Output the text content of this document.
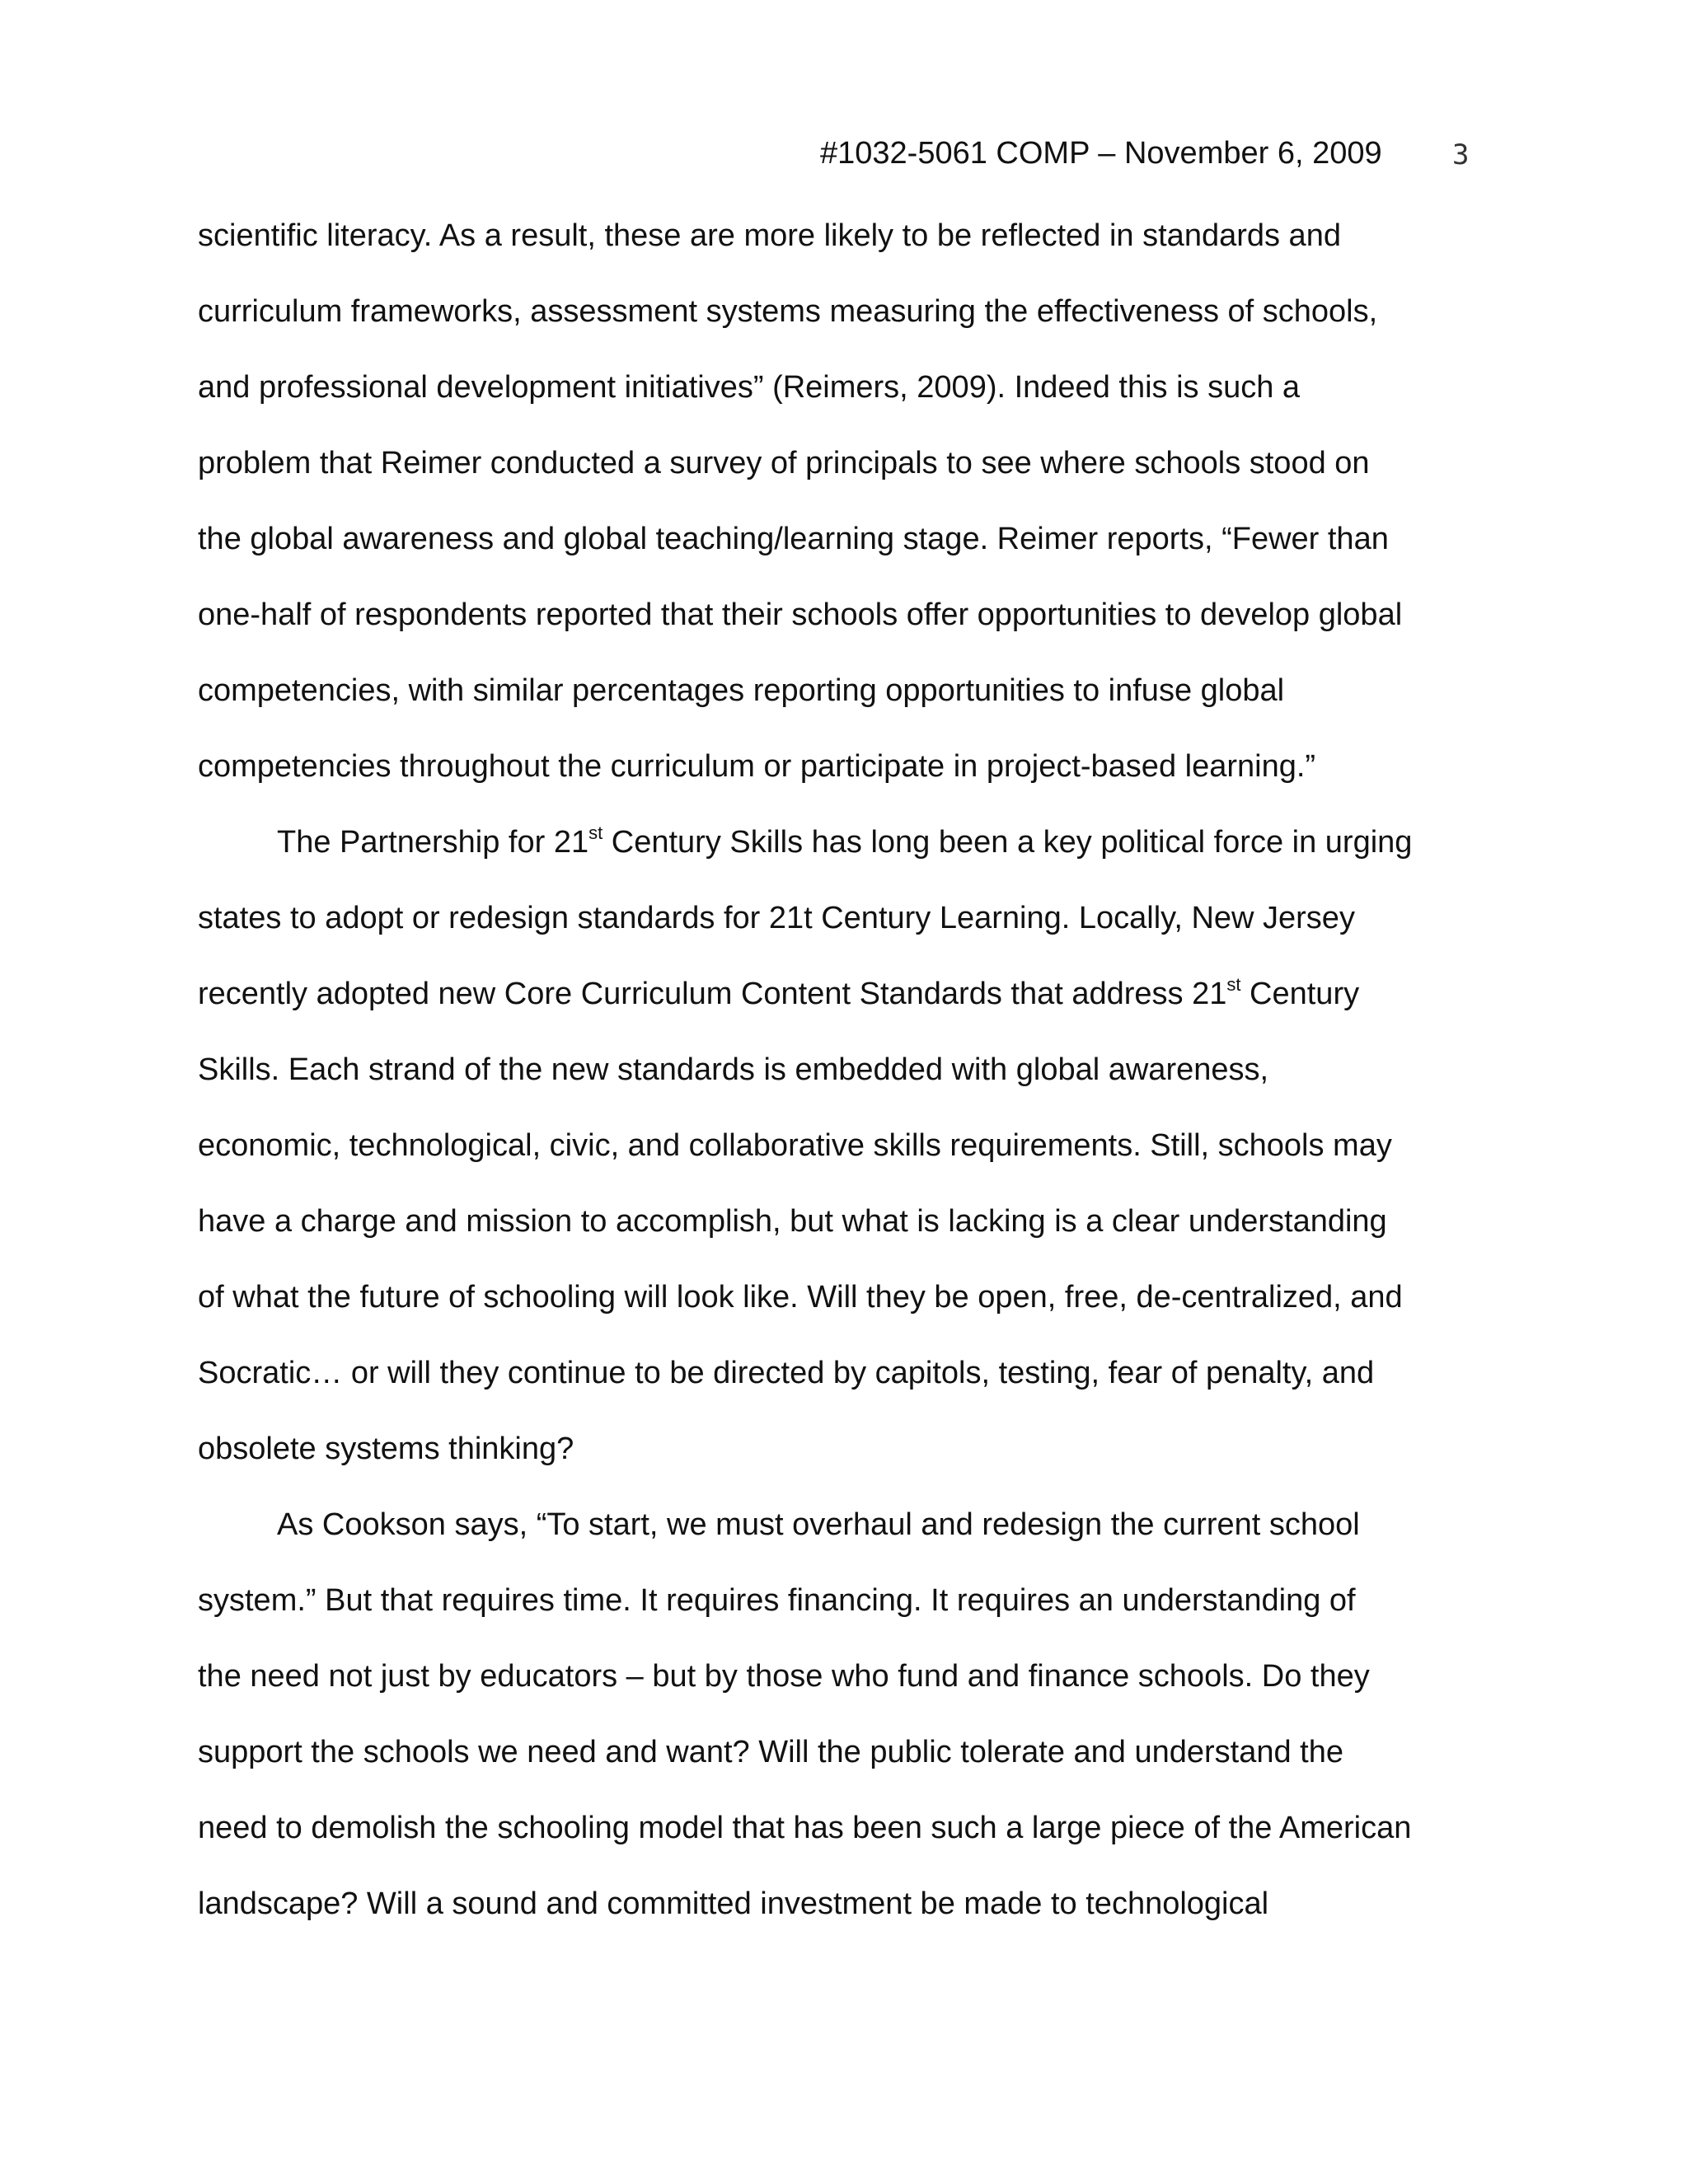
#1032-5061 COMP – November 6, 2009	3
scientific literacy. As a result, these are more likely to be reflected in standards and
curriculum frameworks, assessment systems measuring the effectiveness of schools,
and professional development initiatives” (Reimers, 2009). Indeed this is such a
problem that Reimer conducted a survey of principals to see where schools stood on
the global awareness and global teaching/learning stage. Reimer reports, “Fewer than
one-half of respondents reported that their schools offer opportunities to develop global
competencies, with similar percentages reporting opportunities to infuse global
competencies throughout the curriculum or participate in project-based learning.”
The Partnership for 21st Century Skills has long been a key political force in urging
states to adopt or redesign standards for 21t Century Learning. Locally, New Jersey
recently adopted new Core Curriculum Content Standards that address 21st Century
Skills. Each strand of the new standards is embedded with global awareness,
economic, technological, civic, and collaborative skills requirements. Still, schools may
have a charge and mission to accomplish, but what is lacking is a clear understanding
of what the future of schooling will look like. Will they be open, free, de-centralized, and
Socratic… or will they continue to be directed by capitols, testing, fear of penalty, and
obsolete systems thinking?
As Cookson says, “To start, we must overhaul and redesign the current school
system.” But that requires time. It requires financing. It requires an understanding of
the need not just by educators – but by those who fund and finance schools. Do they
support the schools we need and want? Will the public tolerate and understand the
need to demolish the schooling model that has been such a large piece of the American
landscape? Will a sound and committed investment be made to technological
